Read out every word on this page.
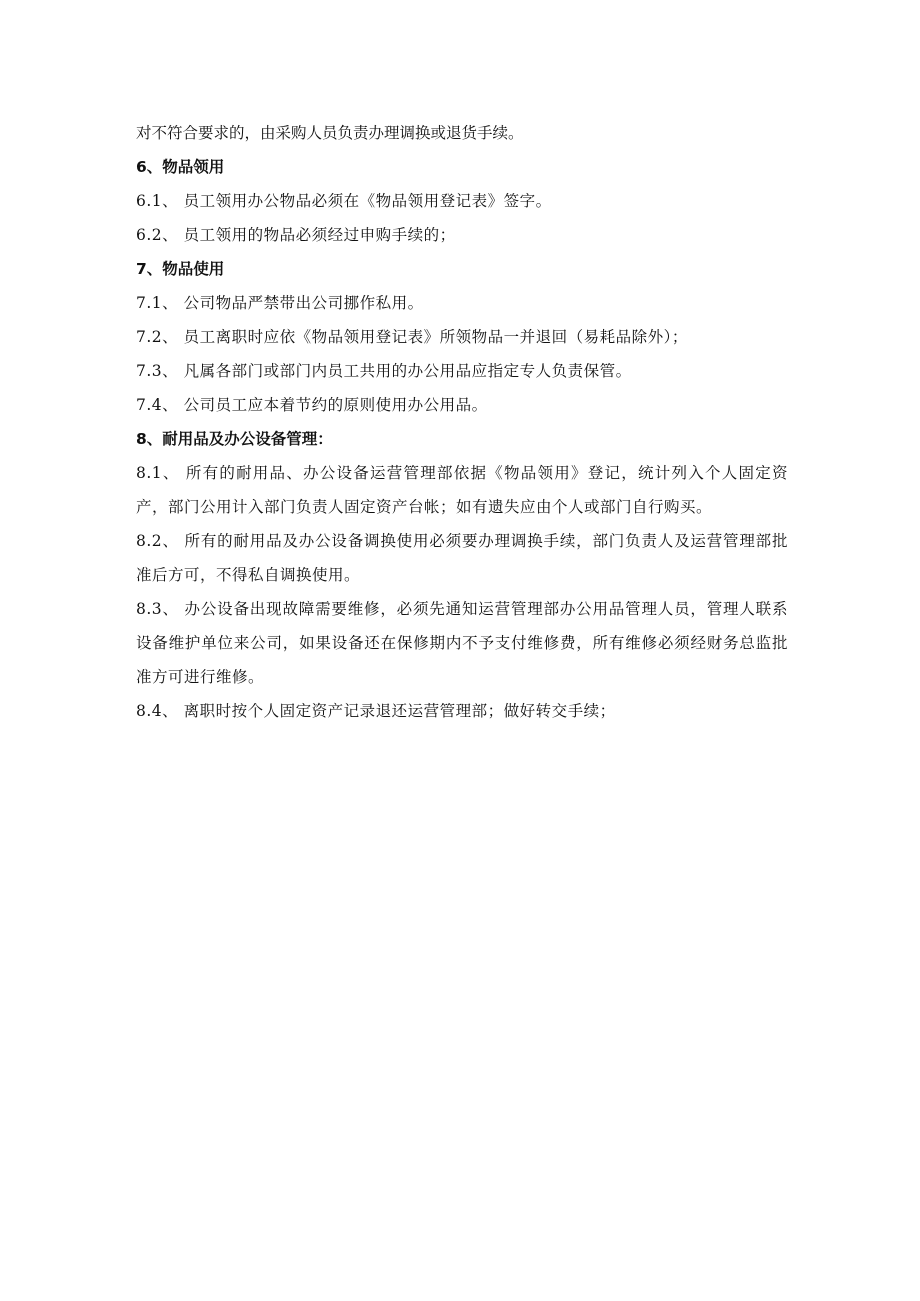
对不符合要求的，由采购人员负责办理调换或退货手续。

6、物品领用

6.1、 员工领用办公物品必须在《物品领用登记表》签字。

6.2、 员工领用的物品必须经过申购手续的；

7、物品使用

7.1、 公司物品严禁带出公司挪作私用。

7.2、 员工离职时应依《物品领用登记表》所领物品一并退回（易耗品除外）；

7.3、 凡属各部门或部门内员工共用的办公用品应指定专人负责保管。

7.4、 公司员工应本着节约的原则使用办公用品。

8、耐用品及办公设备管理：

8.1、 所有的耐用品、办公设备运营管理部依据《物品领用》登记，统计列入个人固定资产，部门公用计入部门负责人固定资产台帐；如有遗失应由个人或部门自行购买。

8.2、 所有的耐用品及办公设备调换使用必须要办理调换手续，部门负责人及运营管理部批准后方可，不得私自调换使用。

8.3、 办公设备出现故障需要维修，必须先通知运营管理部办公用品管理人员，管理人联系设备维护单位来公司，如果设备还在保修期内不予支付维修费，所有维修必须经财务总监批准方可进行维修。

8.4、 离职时按个人固定资产记录退还运营管理部；做好转交手续；
